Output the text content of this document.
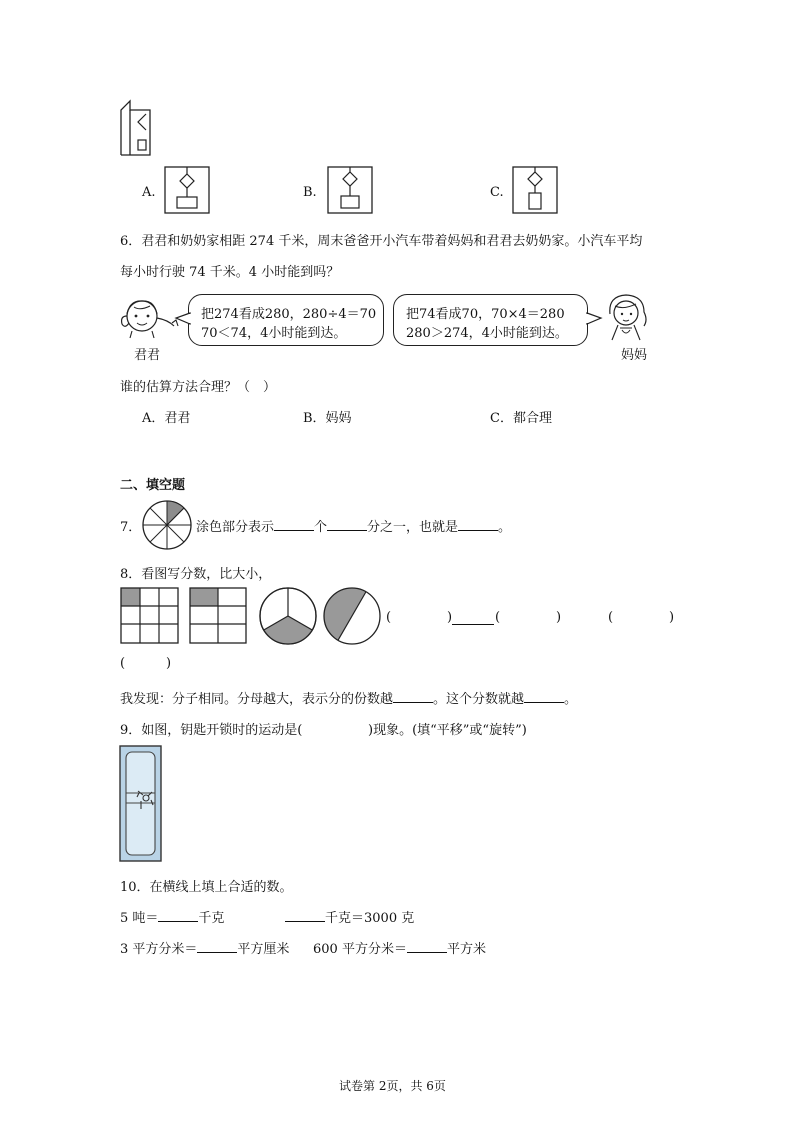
A.	B.	C.
6．君君和奶奶家相距 274 千米，周末爸爸开小汽车带着妈妈和君君去奶奶家。小汽车平均
每小时行驶 74 千米。4 小时能到吗？
君君
把274看成280，280÷4＝70
70＜74，4小时能到达。
把74看成70，70×4＝280
280＞274，4小时能到达。
妈妈
谁的估算方法合理？（　）
A．君君	B．妈妈	C．都合理
二、填空题
7．	涂色部分表示	个	分之一，也就是	。
8．看图写分数，比大小，
(	)	(	)	(	)
(	)
我发现：分子相同。分母越大，表示分的份数越	。这个分数就越	。
9．如图，钥匙开锁时的运动是(	)现象。(填“平移”或“旋转”)
10．在横线上填上合适的数。
5 吨＝	千克	千克＝3000 克
3 平方分米＝	平方厘米 600 平方分米＝	平方米
试卷第 2页，共 6页
